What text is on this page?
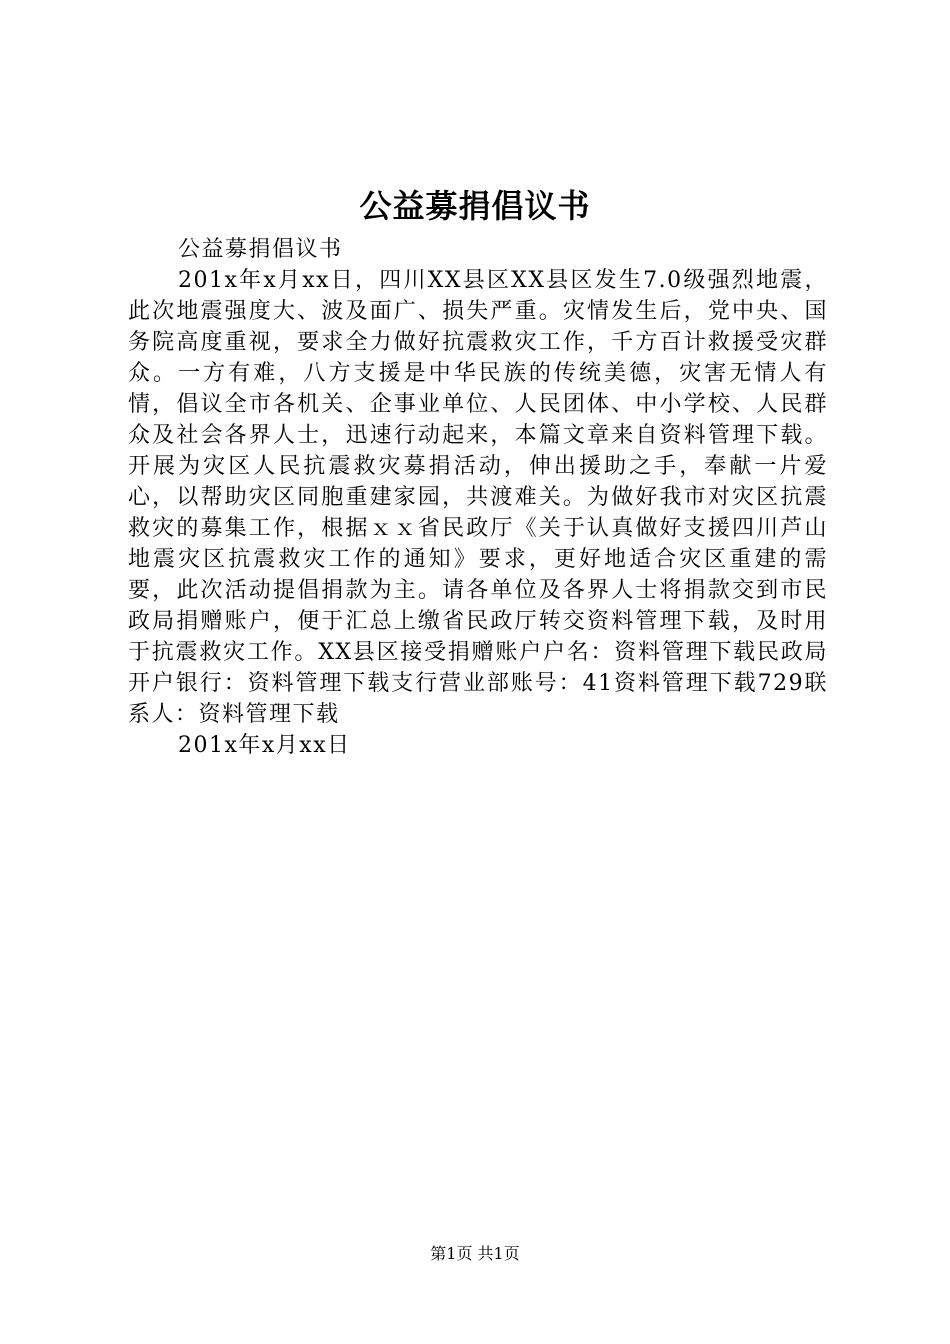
公益募捐倡议书

公益募捐倡议书

201x年x月xx日，四川XX县区XX县区发生7.0级强烈地震，此次地震强度大、波及面广、损失严重。灾情发生后，党中央、国务院高度重视，要求全力做好抗震救灾工作，千方百计救援受灾群众。一方有难，八方支援是中华民族的传统美德，灾害无情人有情，倡议全市各机关、企事业单位、人民团体、中小学校、人民群众及社会各界人士，迅速行动起来，本篇文章来自资料管理下载。开展为灾区人民抗震救灾募捐活动，伸出援助之手，奉献一片爱心，以帮助灾区同胞重建家园，共渡难关。为做好我市对灾区抗震救灾的募集工作，根据ｘｘ省民政厅《关于认真做好支援四川芦山地震灾区抗震救灾工作的通知》要求，更好地适合灾区重建的需要，此次活动提倡捐款为主。请各单位及各界人士将捐款交到市民政局捐赠账户，便于汇总上缴省民政厅转交资料管理下载，及时用于抗震救灾工作。XX县区接受捐赠账户户名：资料管理下载民政局开户银行：资料管理下载支行营业部账号：41资料管理下载729联系人：资料管理下载

201x年x月xx日

第1页 共1页
